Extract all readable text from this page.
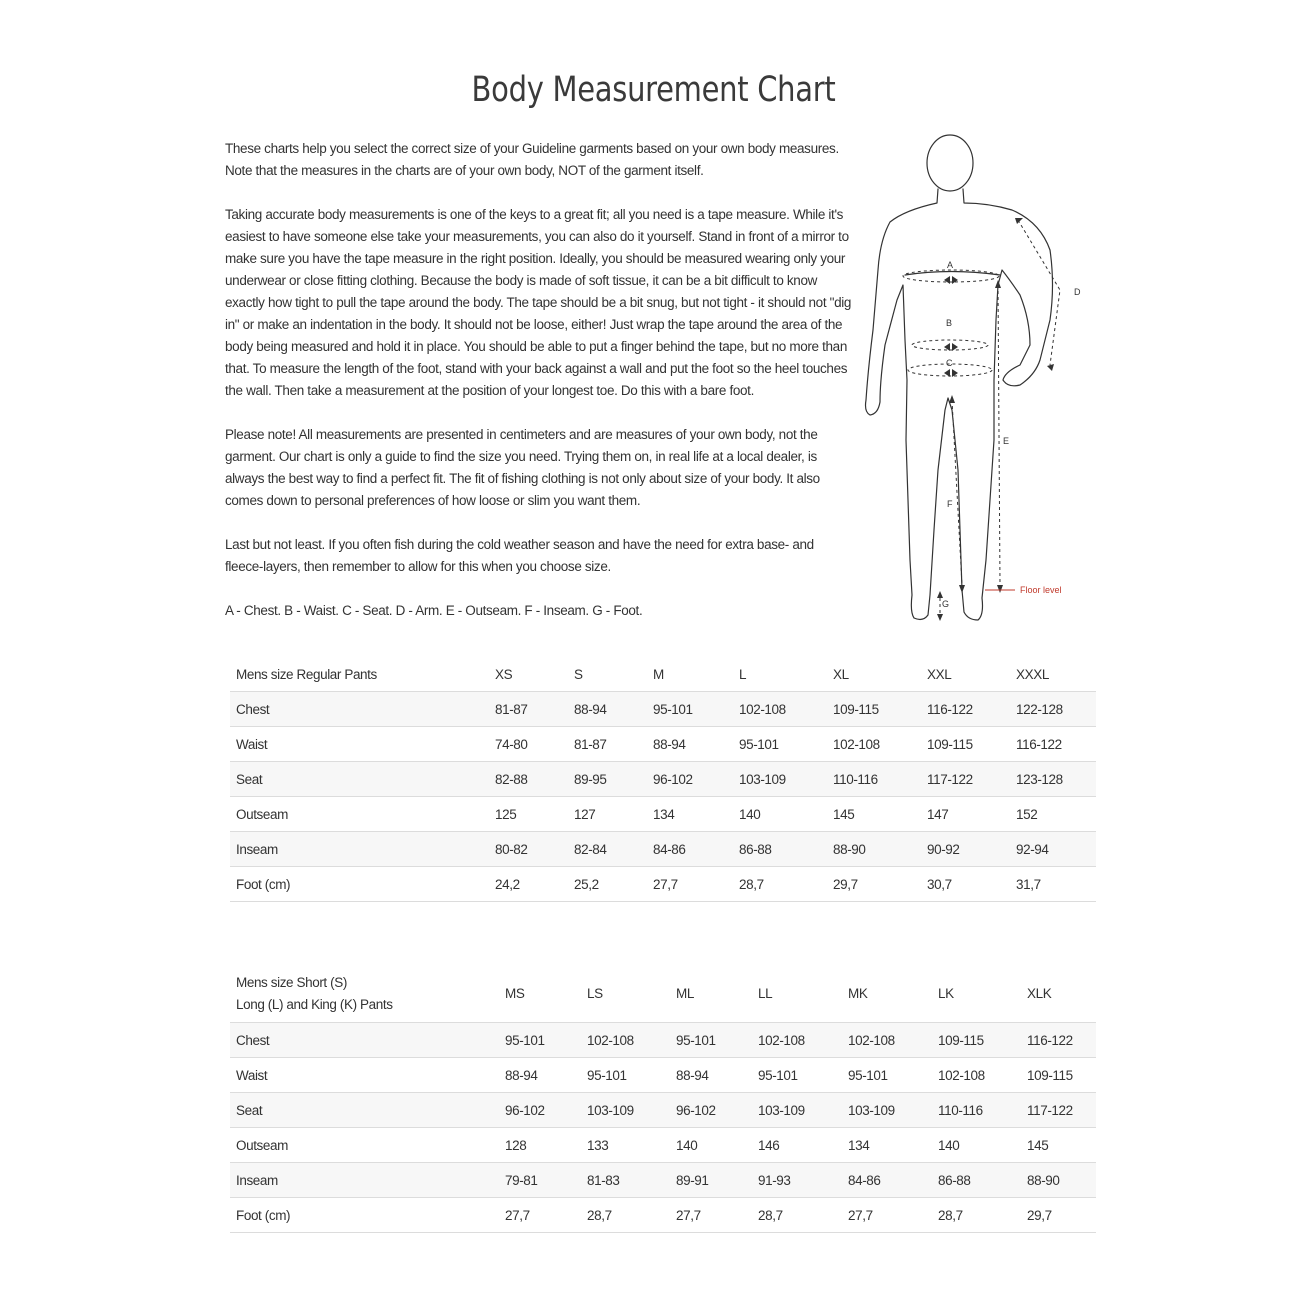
Body Measurement Chart

These charts help you select the correct size of your Guideline garments based on your own body measures. Note that the measures in the charts are of your own body, NOT of the garment itself.

Taking accurate body measurements is one of the keys to a great fit; all you need is a tape measure. While it's easiest to have someone else take your measurements, you can also do it yourself. Stand in front of a mirror to make sure you have the tape measure in the right position. Ideally, you should be measured wearing only your underwear or close fitting clothing. Because the body is made of soft tissue, it can be a bit difficult to know exactly how tight to pull the tape around the body. The tape should be a bit snug, but not tight - it should not "dig in" or make an indentation in the body. It should not be loose, either! Just wrap the tape around the area of the body being measured and hold it in place. You should be able to put a finger behind the tape, but no more than that. To measure the length of the foot, stand with your back against a wall and put the foot so the heel touches the wall. Then take a measurement at the position of your longest toe. Do this with a bare foot.

Please note! All measurements are presented in centimeters and are measures of your own body, not the garment. Our chart is only a guide to find the size you need. Trying them on, in real life at a local dealer, is always the best way to find a perfect fit. The fit of fishing clothing is not only about size of your body. It also comes down to personal preferences of how loose or slim you want them.

Last but not least. If you often fish during the cold weather season and have the need for extra base- and fleece-layers, then remember to allow for this when you choose size.

A - Chest. B - Waist. C - Seat. D - Arm. E - Outseam. F - Inseam. G - Foot.

A
B
C
D
E
F
G
Floor level
Mens size Regular Pants	XS	S	M	L	XL	XXL	XXXL
Chest	81-87	88-94	95-101	102-108	109-115	116-122	122-128
Waist	74-80	81-87	88-94	95-101	102-108	109-115	116-122
Seat	82-88	89-95	96-102	103-109	110-116	117-122	123-128
Outseam	125	127	134	140	145	147	152
Inseam	80-82	82-84	84-86	86-88	88-90	90-92	92-94
Foot (cm)	24,2	25,2	27,7	28,7	29,7	30,7	31,7
Mens size Short (S)
Long (L) and King (K) Pants	MS	LS	ML	LL	MK	LK	XLK
Chest	95-101	102-108	95-101	102-108	102-108	109-115	116-122
Waist	88-94	95-101	88-94	95-101	95-101	102-108	109-115
Seat	96-102	103-109	96-102	103-109	103-109	110-116	117-122
Outseam	128	133	140	146	134	140	145
Inseam	79-81	81-83	89-91	91-93	84-86	86-88	88-90
Foot (cm)	27,7	28,7	27,7	28,7	27,7	28,7	29,7
